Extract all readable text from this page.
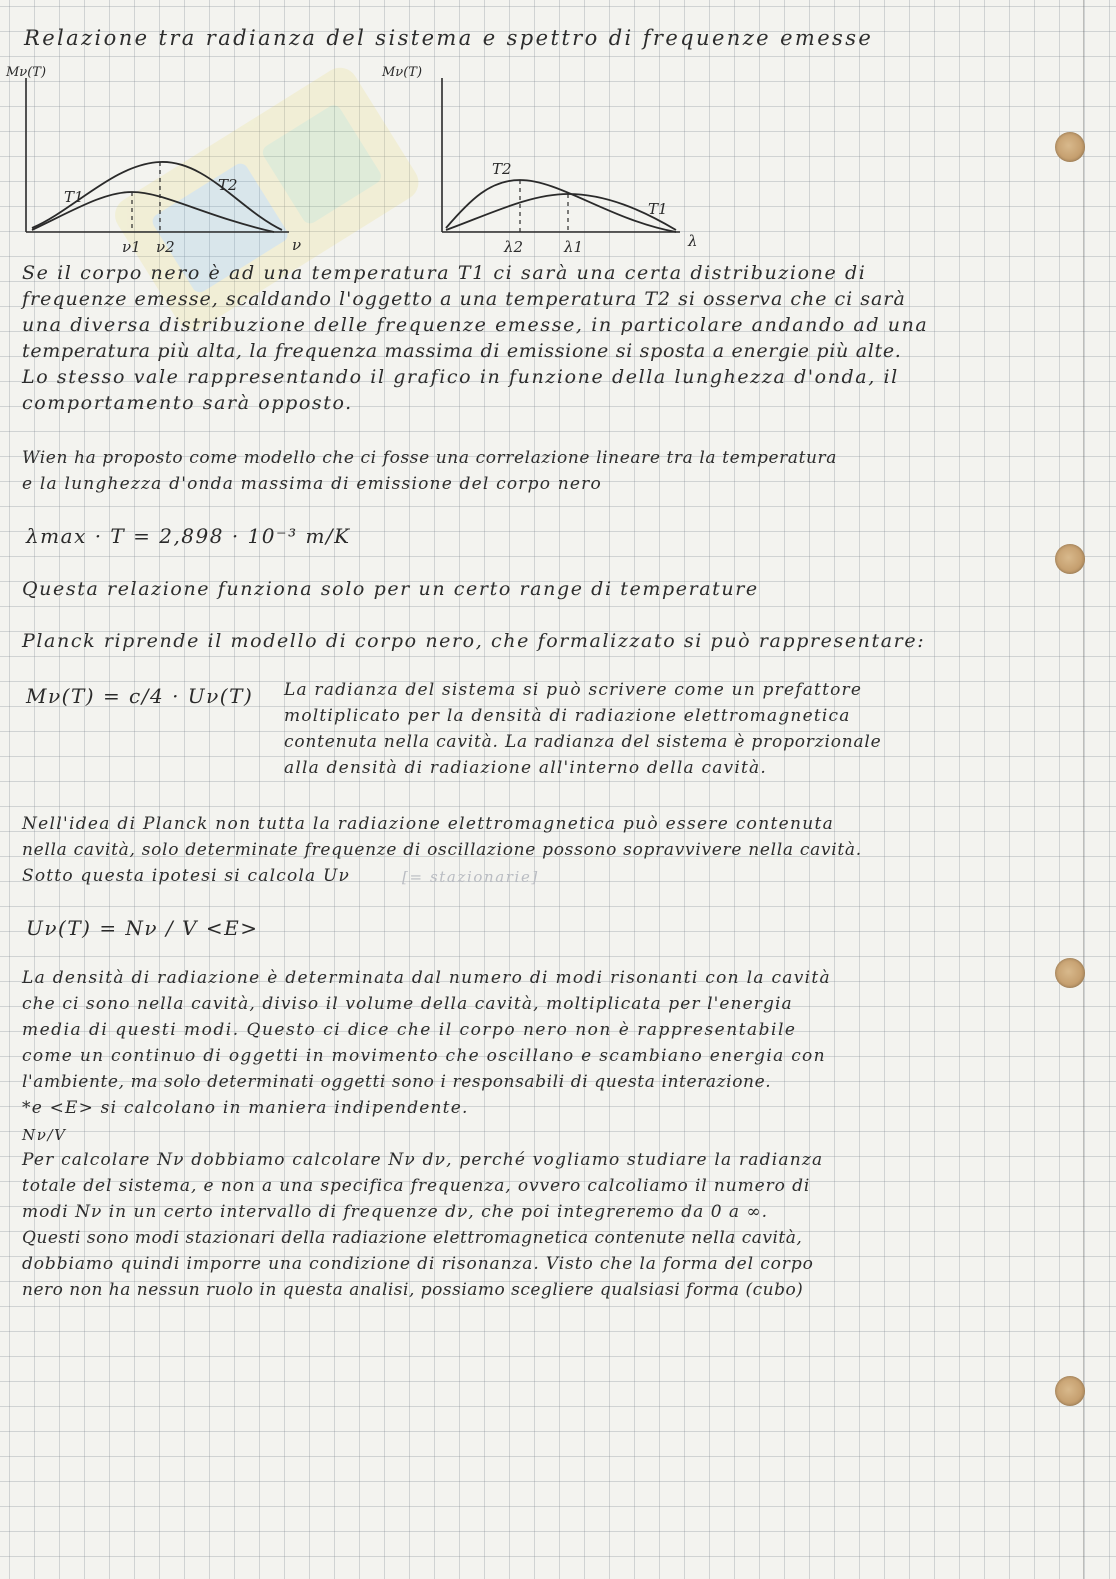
Relazione tra radianza del sistema e spettro di frequenze emesse
Mν(T)
ν
T1
T2
ν1 ν2
Mν(T)
λ
T2
T1
λ2	λ1
Se il corpo nero è ad una temperatura T1 ci sarà una certa distribuzione di
frequenze emesse, scaldando l'oggetto a una temperatura T2 si osserva che ci sarà
una diversa distribuzione delle frequenze emesse, in particolare andando ad una
temperatura più alta, la frequenza massima di emissione si sposta a energie più alte.
Lo stesso vale rappresentando il grafico in funzione della lunghezza d'onda, il
comportamento sarà opposto.
Wien ha proposto come modello che ci fosse una correlazione lineare tra la temperatura
e la lunghezza d'onda massima di emissione del corpo nero
λmax · T = 2,898 · 10⁻³ m/K
Questa relazione funziona solo per un certo range di temperature
Planck riprende il modello di corpo nero, che formalizzato si può rappresentare:
Mν(T) = c/4 · Uν(T) La radianza del sistema si può scrivere come un prefattore
moltiplicato per la densità di radiazione elettromagnetica
contenuta nella cavità. La radianza del sistema è proporzionale
alla densità di radiazione all'interno della cavità.
Nell'idea di Planck non tutta la radiazione elettromagnetica può essere contenuta
nella cavità, solo determinate frequenze di oscillazione possono sopravvivere nella cavità.
Sotto questa ipotesi si calcola Uν	[= stazionarie]
Uν(T) = Nν / V <E>
La densità di radiazione è determinata dal numero di modi risonanti con la cavità
che ci sono nella cavità, diviso il volume della cavità, moltiplicata per l'energia
media di questi modi. Questo ci dice che il corpo nero non è rappresentabile
come un continuo di oggetti in movimento che oscillano e scambiano energia con
l'ambiente, ma solo determinati oggetti sono i responsabili di questa interazione.
*e <E> si calcolano in maniera indipendente.
Nν/V
Per calcolare Nν dobbiamo calcolare Nν dν, perché vogliamo studiare la radianza
totale del sistema, e non a una specifica frequenza, ovvero calcoliamo il numero di
modi Nν in un certo intervallo di frequenze dν, che poi integreremo da 0 a ∞.
Questi sono modi stazionari della radiazione elettromagnetica contenute nella cavità,
dobbiamo quindi imporre una condizione di risonanza. Visto che la forma del corpo
nero non ha nessun ruolo in questa analisi, possiamo scegliere qualsiasi forma (cubo)
